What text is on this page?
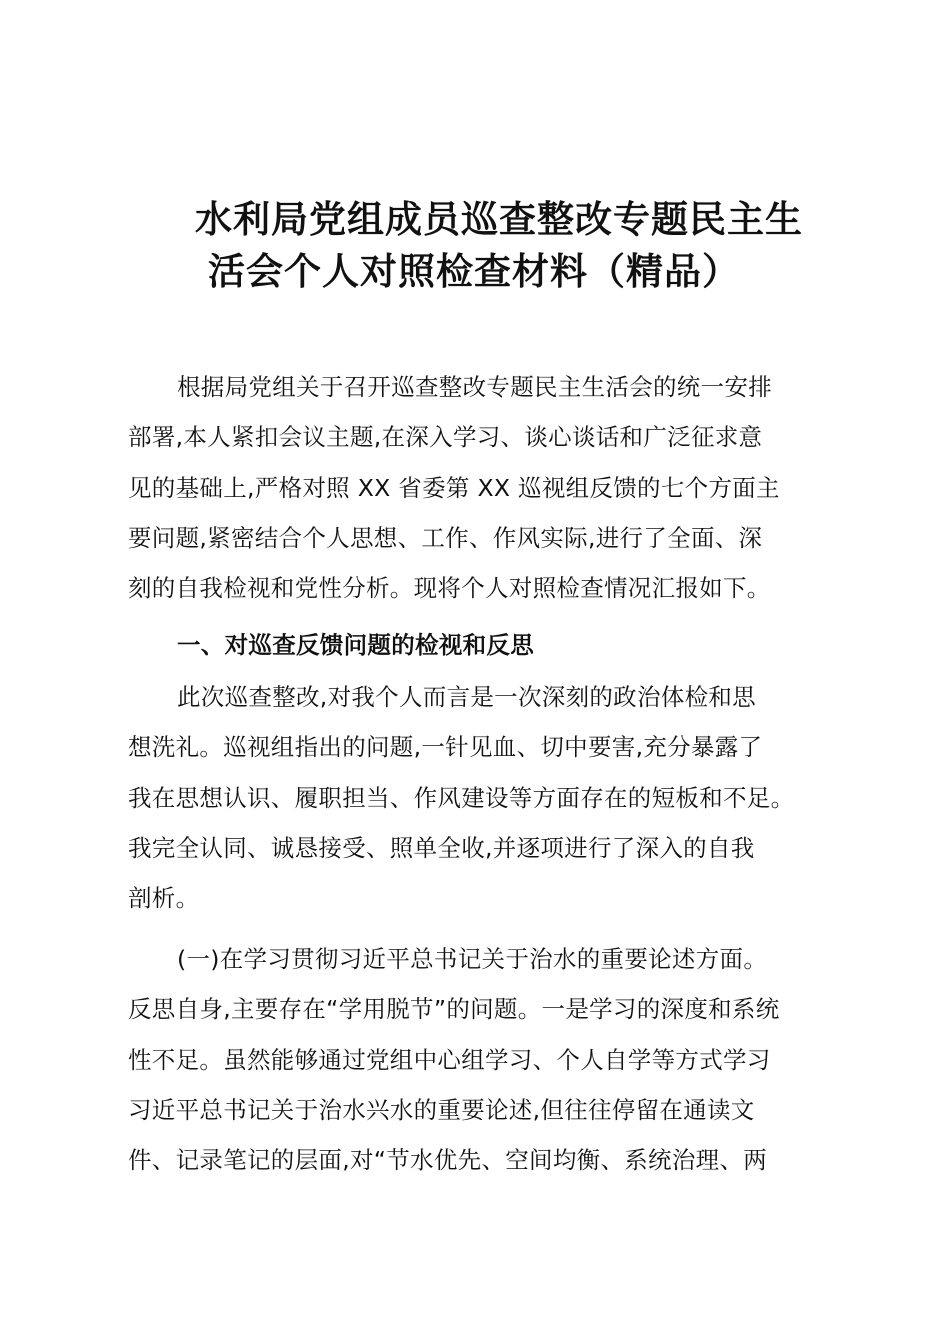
水利局党组成员巡查整改专题民主生
活会个人对照检查材料（精品）
根据局党组关于召开巡查整改专题民主生活会的统一安排
部署,本人紧扣会议主题,在深入学习、谈心谈话和广泛征求意
见的基础上,严格对照 XX 省委第 XX 巡视组反馈的七个方面主
要问题,紧密结合个人思想、工作、作风实际,进行了全面、深
刻的自我检视和党性分析。现将个人对照检查情况汇报如下。
一、对巡查反馈问题的检视和反思
此次巡查整改,对我个人而言是一次深刻的政治体检和思
想洗礼。巡视组指出的问题,一针见血、切中要害,充分暴露了
我在思想认识、履职担当、作风建设等方面存在的短板和不足。
我完全认同、诚恳接受、照单全收,并逐项进行了深入的自我
剖析。
(一)在学习贯彻习近平总书记关于治水的重要论述方面。
反思自身,主要存在“学用脱节”的问题。一是学习的深度和系统
性不足。虽然能够通过党组中心组学习、个人自学等方式学习
习近平总书记关于治水兴水的重要论述,但往往停留在通读文
件、记录笔记的层面,对“节水优先、空间均衡、系统治理、两
